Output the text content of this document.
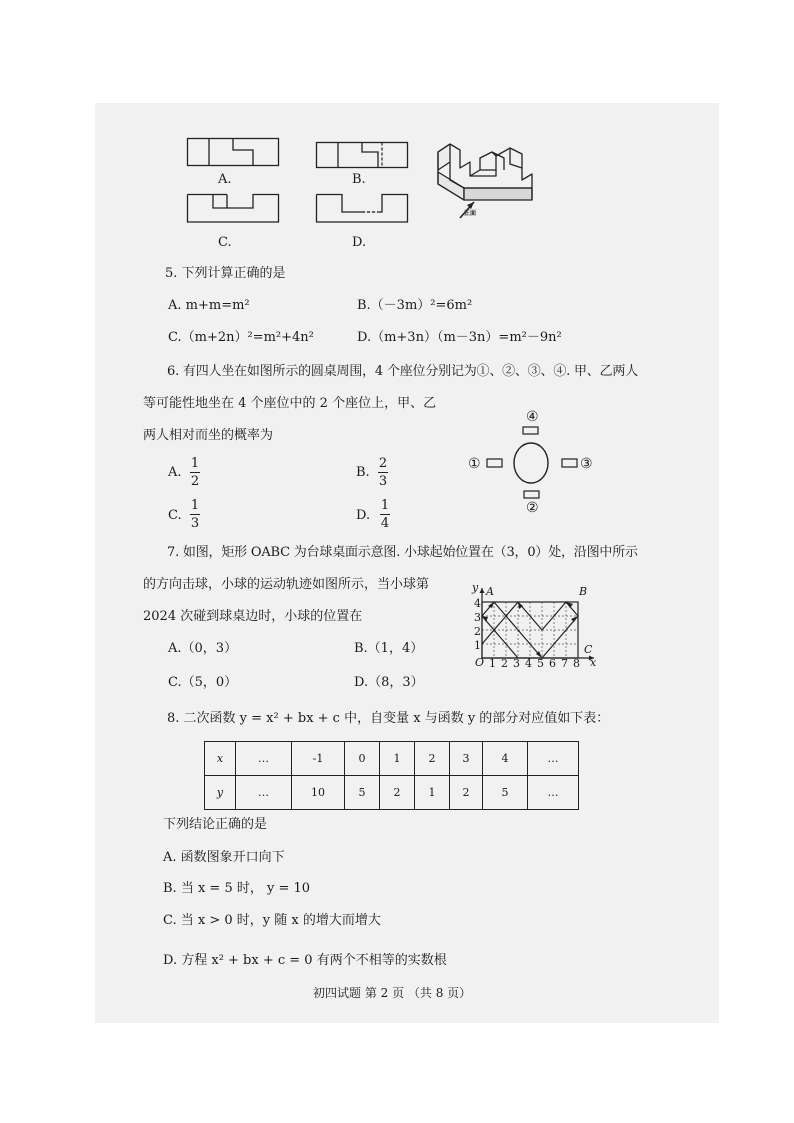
A.	B.
C.	D.
正面
5. 下列计算正确的是
A. m+m=m²	B.（－3m）²=6m²
C.（m+2n）²=m²+4n²	D.（m+3n）（m－3n）=m²－9n²
6. 有四人坐在如图所示的圆桌周围，4 个座位分别记为①、②、③、④. 甲、乙两人
等可能性地坐在 4 个座位中的 2 个座位上，甲、乙
两人相对而坐的概率为
A.
1
2
B.
2
3
C.
1
3
D.
1
4
④
②
①	③
7. 如图，矩形 OABC 为台球桌面示意图. 小球起始位置在（3，0）处，沿图中所示
的方向击球，小球的运动轨迹如图所示，当小球第
2024 次碰到球桌边时，小球的位置在
A.（0，3）	B.（1，4）
C.（5，0）	D.（8，3）
y A	B
C
O	x
1 2 3 4 5 6 7 8
1
2
3
4
8. 二次函数 y = x² + bx + c 中，自变量 x 与函数 y 的部分对应值如下表：
x	…	-1	0	1	2	3	4	…
y	…	10	5	2	1	2	5	…
下列结论正确的是
A. 函数图象开口向下
B. 当 x = 5 时， y = 10
C. 当 x > 0 时，y 随 x 的增大而增大
D. 方程 x² + bx + c = 0 有两个不相等的实数根
初四试题 第 2 页 （共 8 页）
